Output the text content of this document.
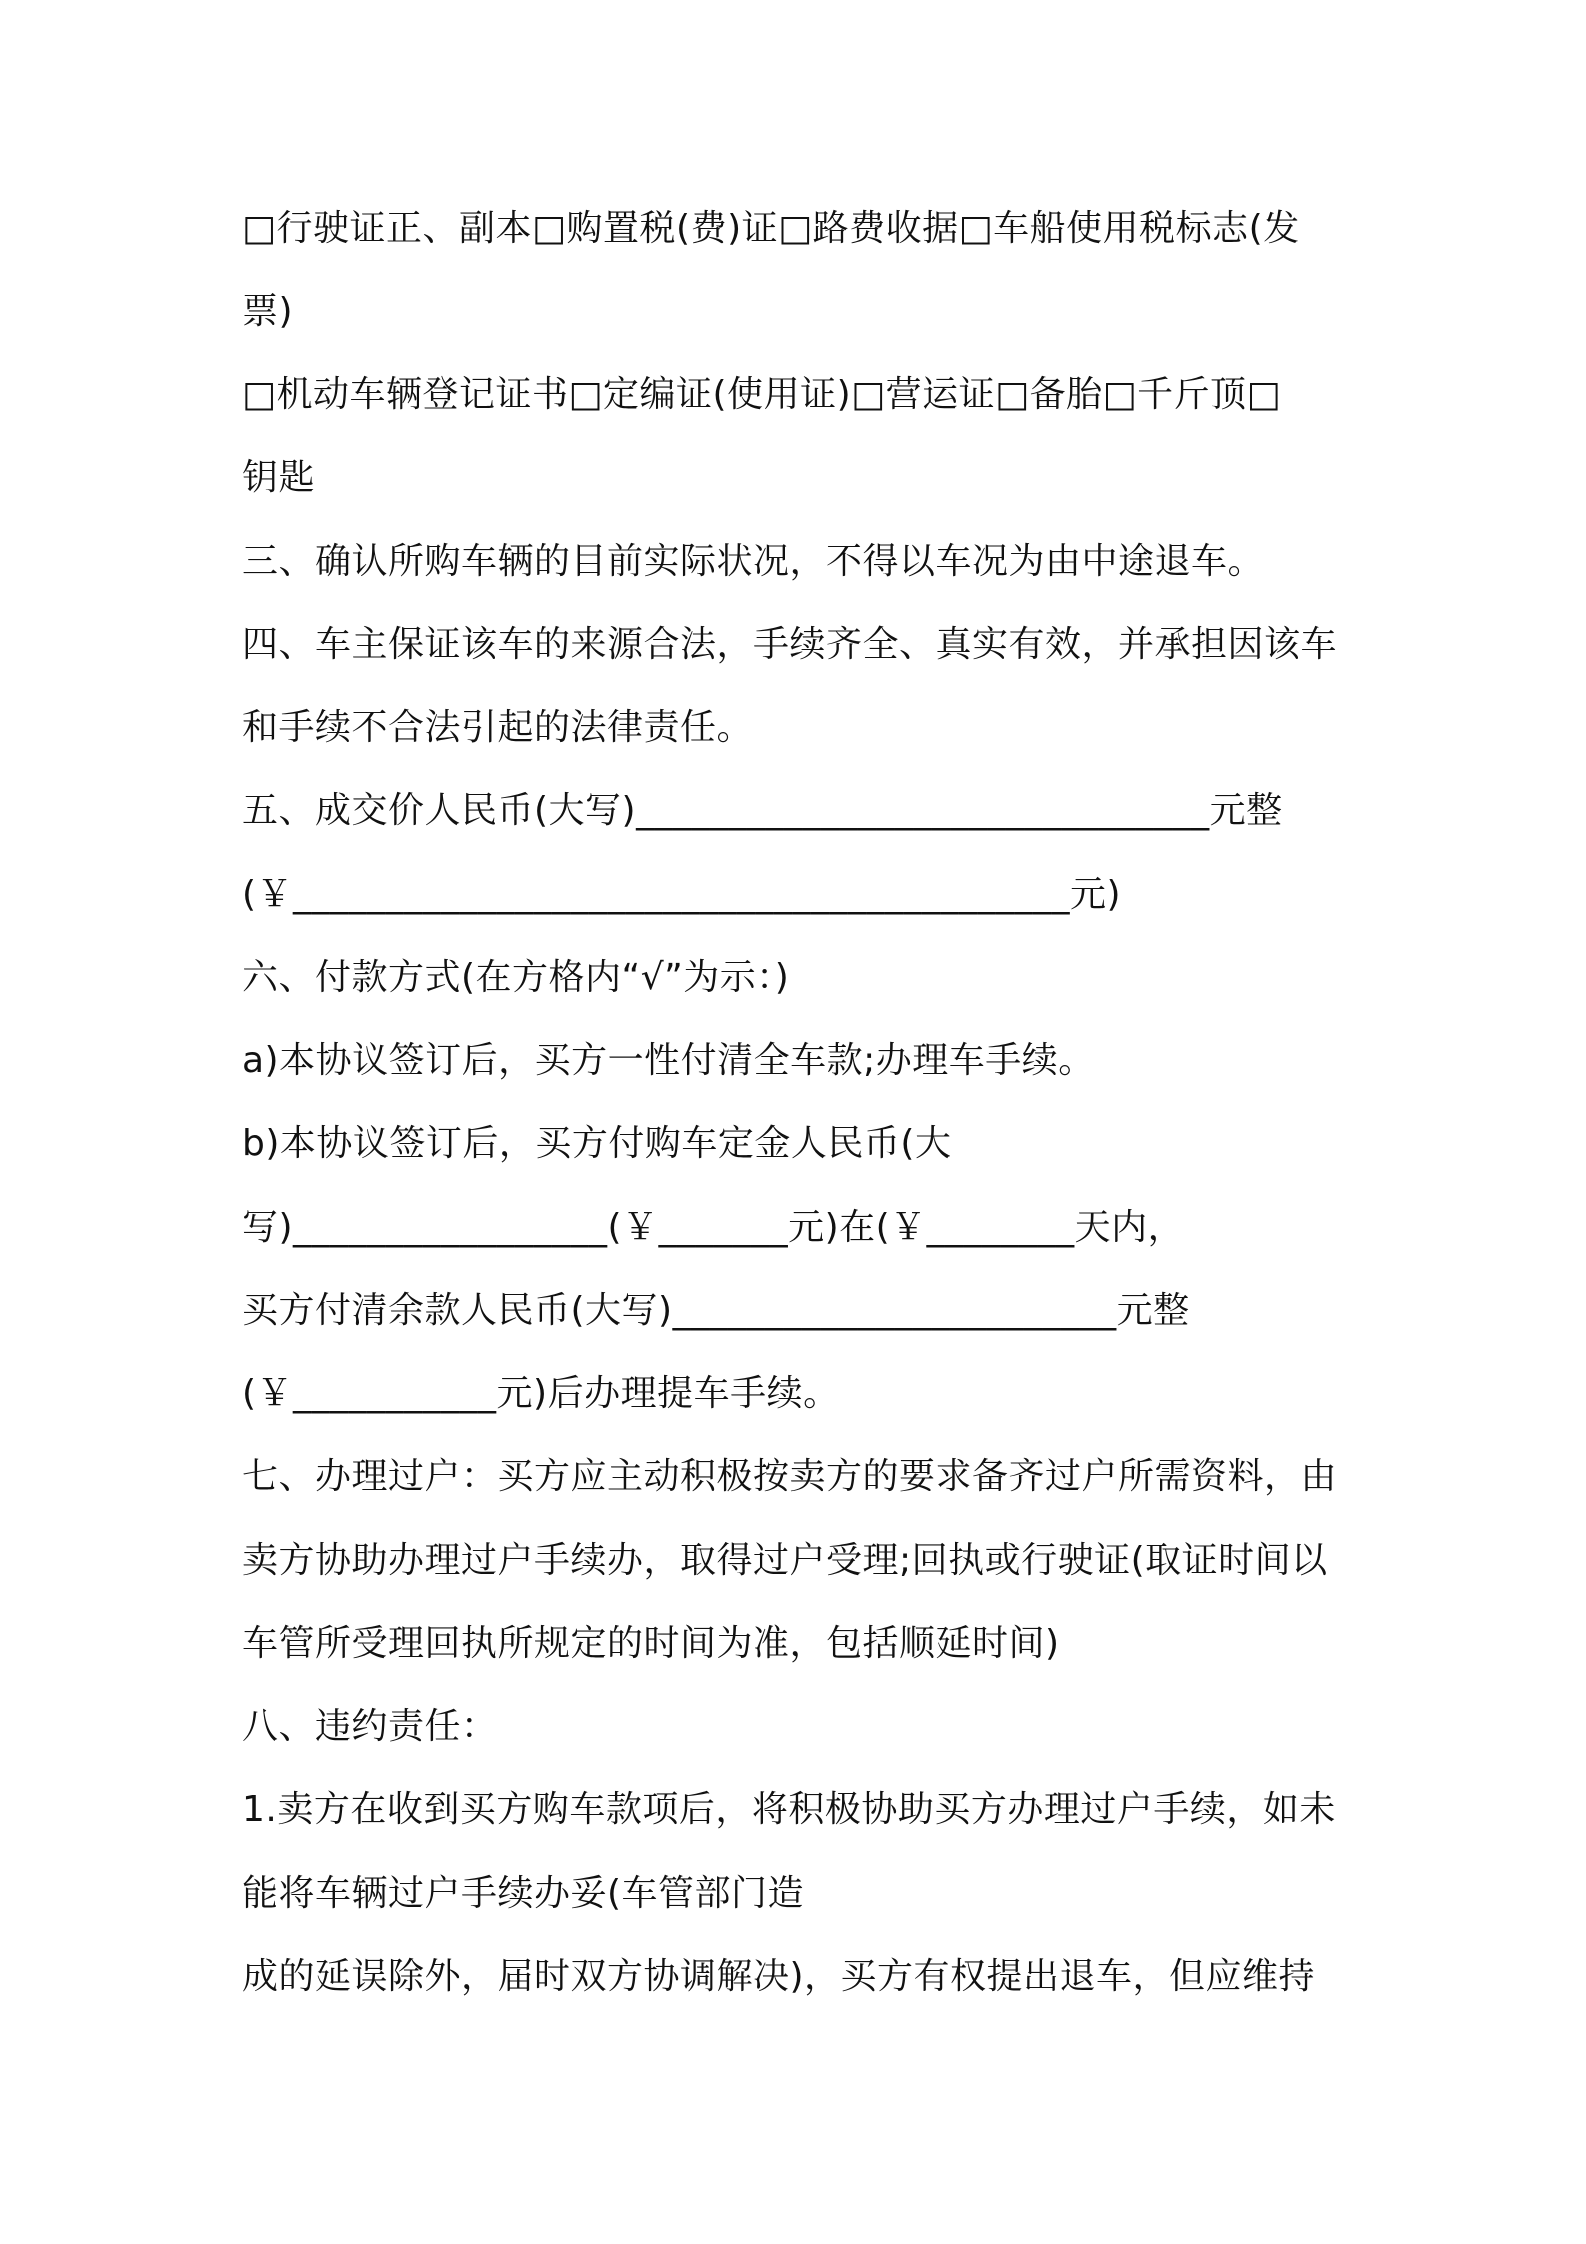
□行驶证正、副本□购置税(费)证□路费收据□车船使用税标志(发
票)
□机动车辆登记证书□定编证(使用证)□营运证□备胎□千斤顶□
钥匙
三、确认所购车辆的目前实际状况，不得以车况为由中途退车。
四、车主保证该车的来源合法，手续齐全、真实有效，并承担因该车
和手续不合法引起的法律责任。
五、成交价人民币(大写)_______________________________元整
(￥__________________________________________元)
六、付款方式(在方格内“√”为示：)
a)本协议签订后，买方一性付清全车款;办理车手续。
b)本协议签订后，买方付购车定金人民币(大
写)_________________(￥_______元)在(￥________天内，
买方付清余款人民币(大写)________________________元整
(￥___________元)后办理提车手续。
七、办理过户：买方应主动积极按卖方的要求备齐过户所需资料，由
卖方协助办理过户手续办，取得过户受理;回执或行驶证(取证时间以
车管所受理回执所规定的时间为准，包括顺延时间)
八、违约责任：
1.卖方在收到买方购车款项后，将积极协助买方办理过户手续，如未
能将车辆过户手续办妥(车管部门造
成的延误除外，届时双方协调解决)，买方有权提出退车，但应维持
